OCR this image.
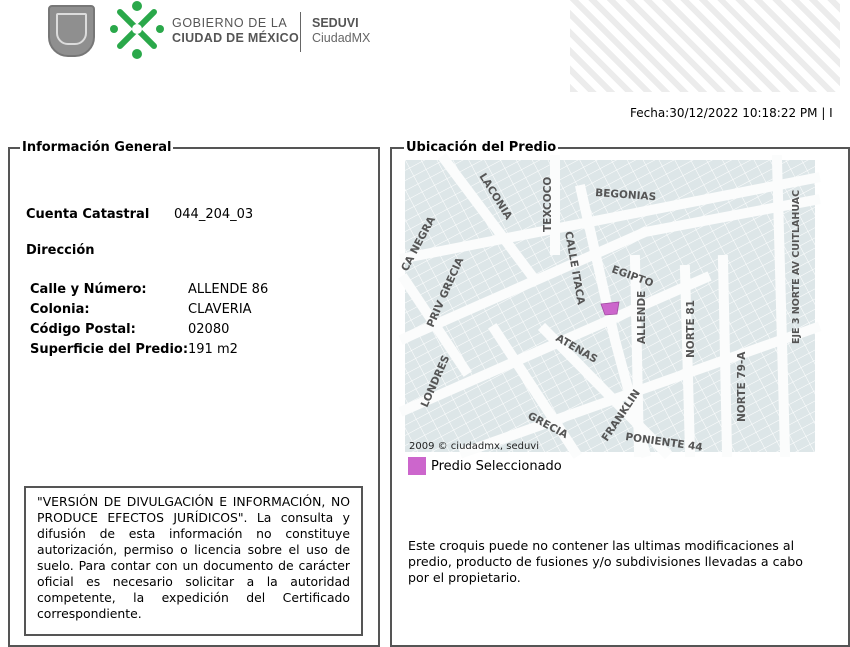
GOBIERNO DE LA
CIUDAD DE MÉXICO
SEDUVI
CiudadMX
Fecha:30/12/2022 10:18:22 PM | I
Información General
Cuenta Catastral 044_204_03
Dirección
Calle y Número:	ALLENDE 86
Colonia:	CLAVERIA
Código Postal:	02080
Superficie del Predio: 191 m2
"VERSIÓN DE DIVULGACIÓN E INFORMACIÓN, NO PRODUCE EFECTOS JURÍDICOS". La consulta y difusión de esta información no constituye autorización, permiso o licencia sobre el uso de suelo. Para contar con un documento de carácter oficial es necesario solicitar a la autoridad competente, la expedición del Certificado correspondiente.
Ubicación del Predio
LACONIA	TEXCOCO	BEGONIAS
CA NEGRA	CALLE ITACA EGIPTO
PRIV GRECIA	ALLENDE	NORTE 81	EJE 3 NORTE AV CUITLAHUAC
ATENAS
LONDRES	NORTE 79-A
GRECIA	FRANKLIN
PONIENTE 44
2009 © ciudadmx, seduvi
Predio Seleccionado
Este croquis puede no contener las ultimas modificaciones al predio, producto de fusiones y/o subdivisiones llevadas a cabo por el propietario.
